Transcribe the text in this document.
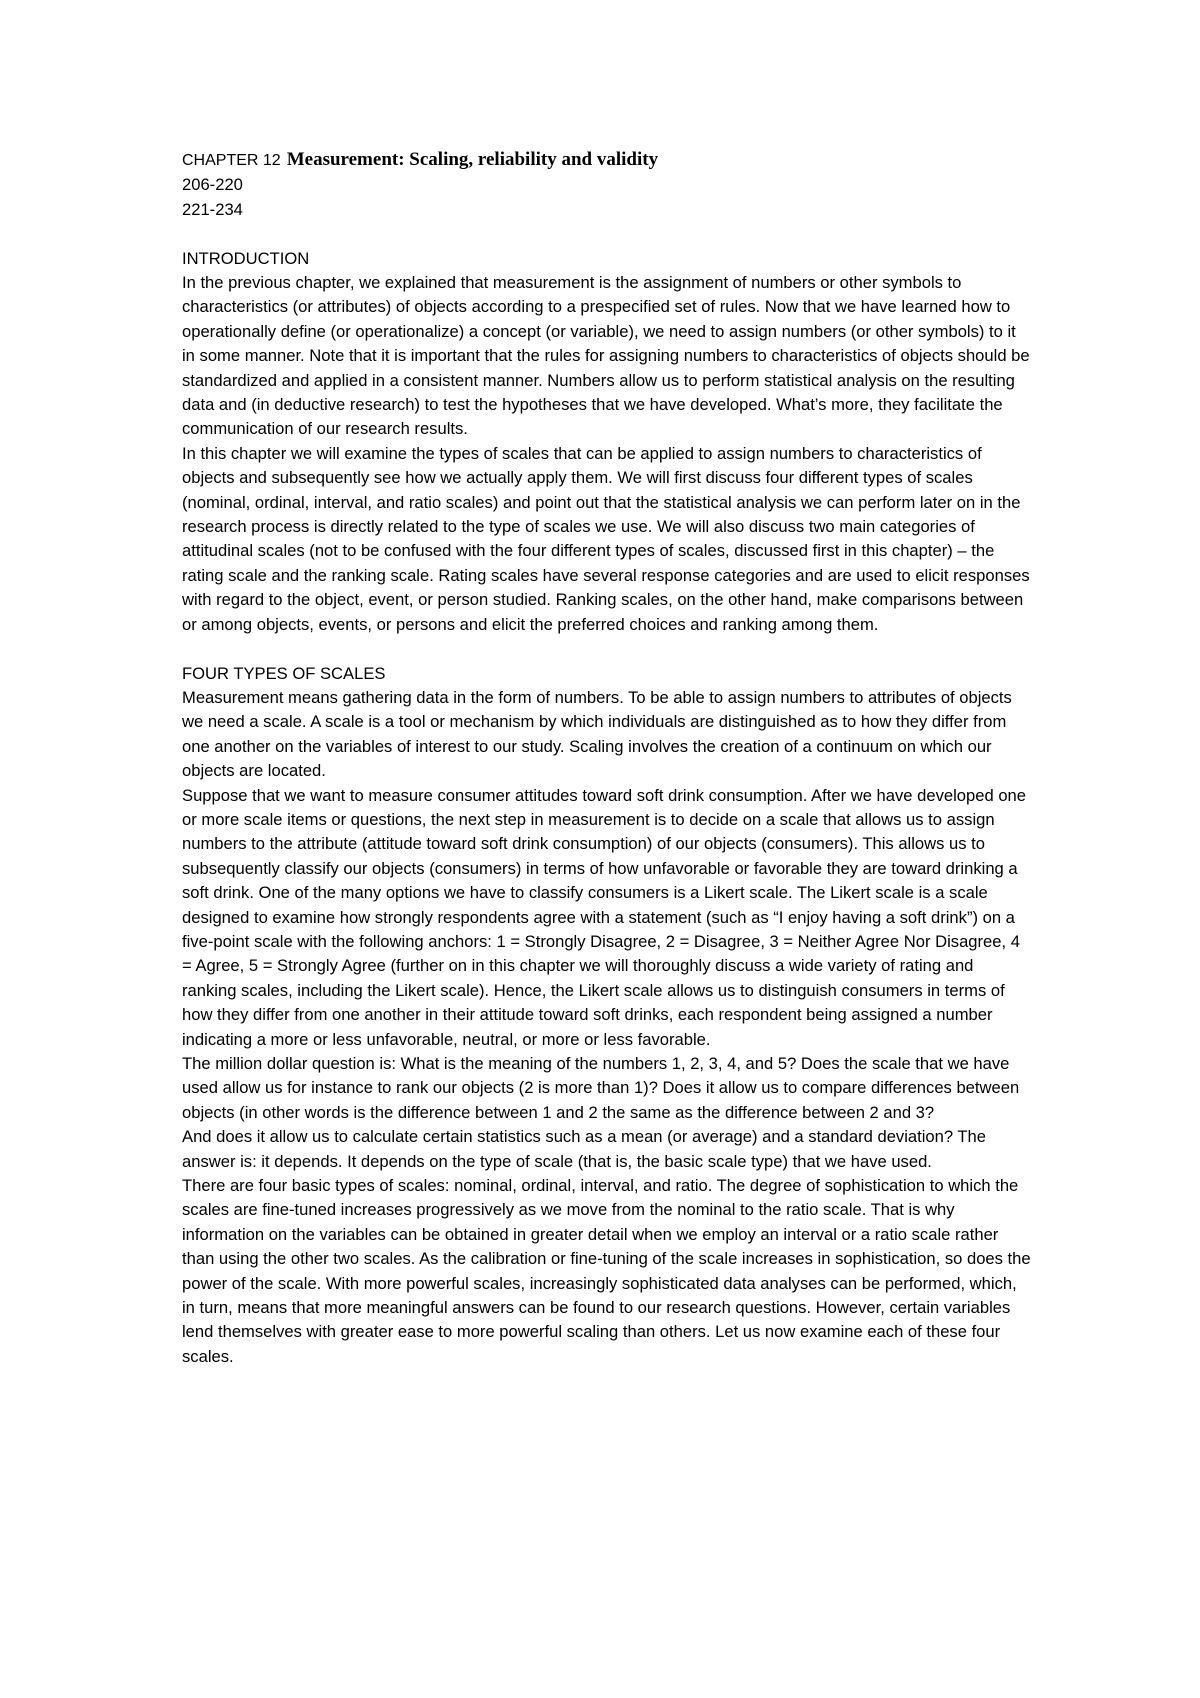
CHAPTER 12 Measurement: Scaling, reliability and validity
206-220
221-234
INTRODUCTION

In the previous chapter, we explained that measurement is the assignment of numbers or other symbols to characteristics (or attributes) of objects according to a prespecified set of rules. Now that we have learned how to operationally define (or operationalize) a concept (or variable), we need to assign numbers (or other symbols) to it in some manner. Note that it is important that the rules for assigning numbers to characteristics of objects should be standardized and applied in a consistent manner. Numbers allow us to perform statistical analysis on the resulting data and (in deductive research) to test the hypotheses that we have developed. What’s more, they facilitate the communication of our research results.

In this chapter we will examine the types of scales that can be applied to assign numbers to characteristics of objects and subsequently see how we actually apply them. We will first discuss four different types of scales (nominal, ordinal, interval, and ratio scales) and point out that the statistical analysis we can perform later on in the research process is directly related to the type of scales we use. We will also discuss two main categories of attitudinal scales (not to be confused with the four different types of scales, discussed first in this chapter) – the rating scale and the ranking scale. Rating scales have several response categories and are used to elicit responses with regard to the object, event, or person studied. Ranking scales, on the other hand, make comparisons between or among objects, events, or persons and elicit the preferred choices and ranking among them.

FOUR TYPES OF SCALES

Measurement means gathering data in the form of numbers. To be able to assign numbers to attributes of objects we need a scale. A scale is a tool or mechanism by which individuals are distinguished as to how they differ from one another on the variables of interest to our study. Scaling involves the creation of a continuum on which our objects are located.

Suppose that we want to measure consumer attitudes toward soft drink consumption. After we have developed one or more scale items or questions, the next step in measurement is to decide on a scale that allows us to assign numbers to the attribute (attitude toward soft drink consumption) of our objects (consumers). This allows us to subsequently classify our objects (consumers) in terms of how unfavorable or favorable they are toward drinking a soft drink. One of the many options we have to classify consumers is a Likert scale. The Likert scale is a scale designed to examine how strongly respondents agree with a statement (such as “I enjoy having a soft drink”) on a five-point scale with the following anchors: 1 = Strongly Disagree, 2 = Disagree, 3 = Neither Agree Nor Disagree, 4 = Agree, 5 = Strongly Agree (further on in this chapter we will thoroughly discuss a wide variety of rating and ranking scales, including the Likert scale). Hence, the Likert scale allows us to distinguish consumers in terms of how they differ from one another in their attitude toward soft drinks, each respondent being assigned a number indicating a more or less unfavorable, neutral, or more or less favorable.

The million dollar question is: What is the meaning of the numbers 1, 2, 3, 4, and 5? Does the scale that we have used allow us for instance to rank our objects (2 is more than 1)? Does it allow us to compare differences between objects (in other words is the difference between 1 and 2 the same as the difference between 2 and 3?

And does it allow us to calculate certain statistics such as a mean (or average) and a standard deviation? The answer is: it depends. It depends on the type of scale (that is, the basic scale type) that we have used.

There are four basic types of scales: nominal, ordinal, interval, and ratio. The degree of sophistication to which the scales are fine-tuned increases progressively as we move from the nominal to the ratio scale. That is why information on the variables can be obtained in greater detail when we employ an interval or a ratio scale rather than using the other two scales. As the calibration or fine-tuning of the scale increases in sophistication, so does the power of the scale. With more powerful scales, increasingly sophisticated data analyses can be performed, which, in turn, means that more meaningful answers can be found to our research questions. However, certain variables lend themselves with greater ease to more powerful scaling than others. Let us now examine each of these four scales.
